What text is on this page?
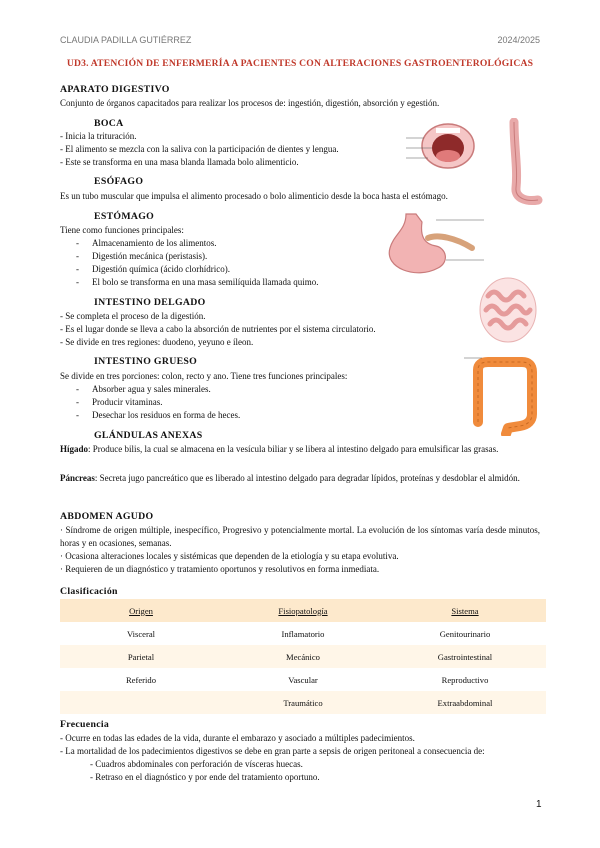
CLAUDIA PADILLA GUTIÉRREZ	2024/2025
UD3. ATENCIÓN DE ENFERMERÍA A PACIENTES CON ALTERACIONES GASTROENTEROLÓGICAS
APARATO DIGESTIVO
Conjunto de órganos capacitados para realizar los procesos de: ingestión, digestión, absorción y egestión.
BOCA
- Inicia la trituración.
- El alimento se mezcla con la saliva con la participación de dientes y lengua.
- Este se transforma en una masa blanda llamada bolo alimenticio.
ESÓFAGO
Es un tubo muscular que impulsa el alimento procesado o bolo alimenticio desde la boca hasta el estómago.
ESTÓMAGO
Tiene como funciones principales:
- Almacenamiento de los alimentos.
- Digestión mecánica (peristasis).
- Digestión química (ácido clorhídrico).
- El bolo se transforma en una masa semilíquida llamada quimo.
INTESTINO DELGADO
- Se completa el proceso de la digestión.
- Es el lugar donde se lleva a cabo la absorción de nutrientes por el sistema circulatorio.
- Se divide en tres regiones: duodeno, yeyuno e íleon.
INTESTINO GRUESO
Se divide en tres porciones: colon, recto y ano. Tiene tres funciones principales:
- Absorber agua y sales minerales.
- Producir vitaminas.
- Desechar los residuos en forma de heces.
GLÁNDULAS ANEXAS
Hígado: Produce bilis, la cual se almacena en la vesícula biliar y se libera al intestino delgado para emulsificar las grasas.
Páncreas: Secreta jugo pancreático que es liberado al intestino delgado para degradar lípidos, proteínas y desdoblar el almidón.
ABDOMEN AGUDO
· Síndrome de origen múltiple, inespecífico, Progresivo y potencialmente mortal. La evolución de los síntomas varía desde minutos, horas y en ocasiones, semanas.
· Ocasiona alteraciones locales y sistémicas que dependen de la etiología y su etapa evolutiva.
· Requieren de un diagnóstico y tratamiento oportunos y resolutivos en forma inmediata.
Clasificación
Origen	Fisiopatología	Sistema
Visceral	Inflamatorio	Genitourinario
Parietal	Mecánico	Gastrointestinal
Referido	Vascular	Reproductivo
	Traumático	Extraabdominal
Frecuencia
- Ocurre en todas las edades de la vida, durante el embarazo y asociado a múltiples padecimientos.
- La mortalidad de los padecimientos digestivos se debe en gran parte a sepsis de origen peritoneal a consecuencia de:
- Cuadros abdominales con perforación de vísceras huecas.
- Retraso en el diagnóstico y por ende del tratamiento oportuno.
1
